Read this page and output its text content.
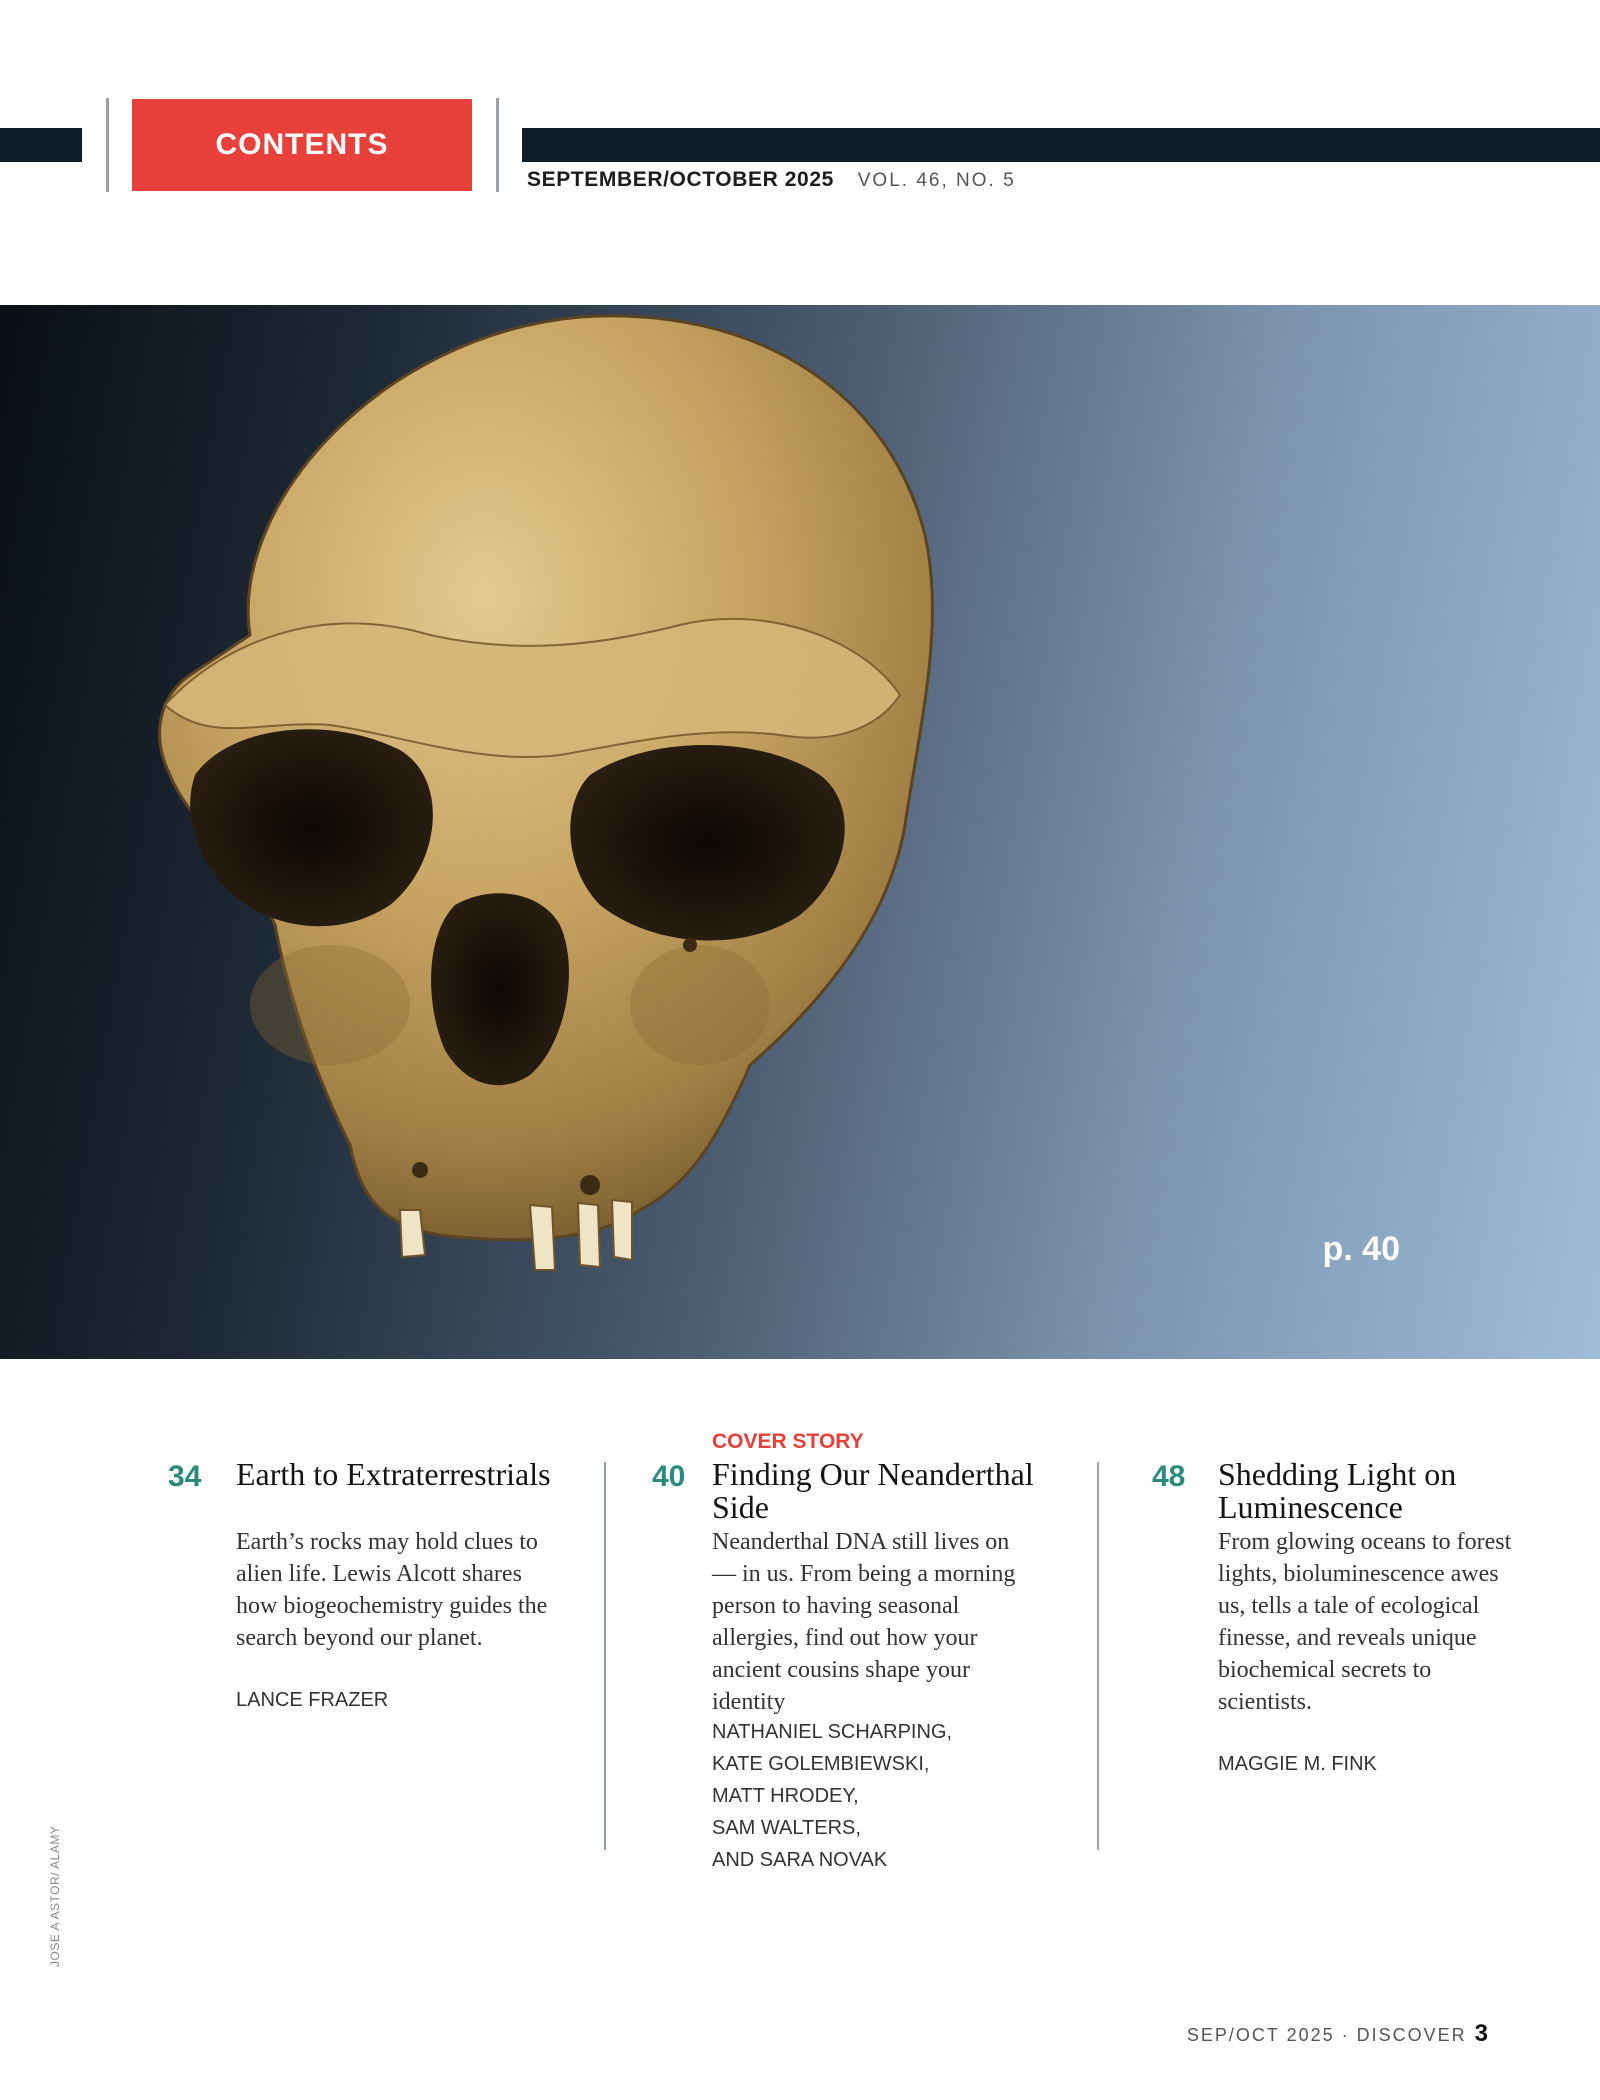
CONTENTS
SEPTEMBER/OCTOBER 2025 VOL. 46, NO. 5
p. 40
34 Earth to Extraterrestrials
Earth’s rocks may hold clues to alien life. Lewis Alcott shares how biogeochemistry guides the search beyond our planet.
LANCE FRAZER
COVER STORY
40 Finding Our Neanderthal Side
Neanderthal DNA still lives on — in us. From being a morning person to having seasonal allergies, find out how your ancient cousins shape your identity
NATHANIEL SCHARPING,
KATE GOLEMBIEWSKI,
MATT HRODEY,
SAM WALTERS,
AND SARA NOVAK
48 Shedding Light on Luminescence
From glowing oceans to forest lights, bioluminescence awes us, tells a tale of ecological finesse, and reveals unique biochemical secrets to scientists.
MAGGIE M. FINK
JOSE A ASTOR/ ALAMY
SEP/OCT 2025 · DISCOVER 3
